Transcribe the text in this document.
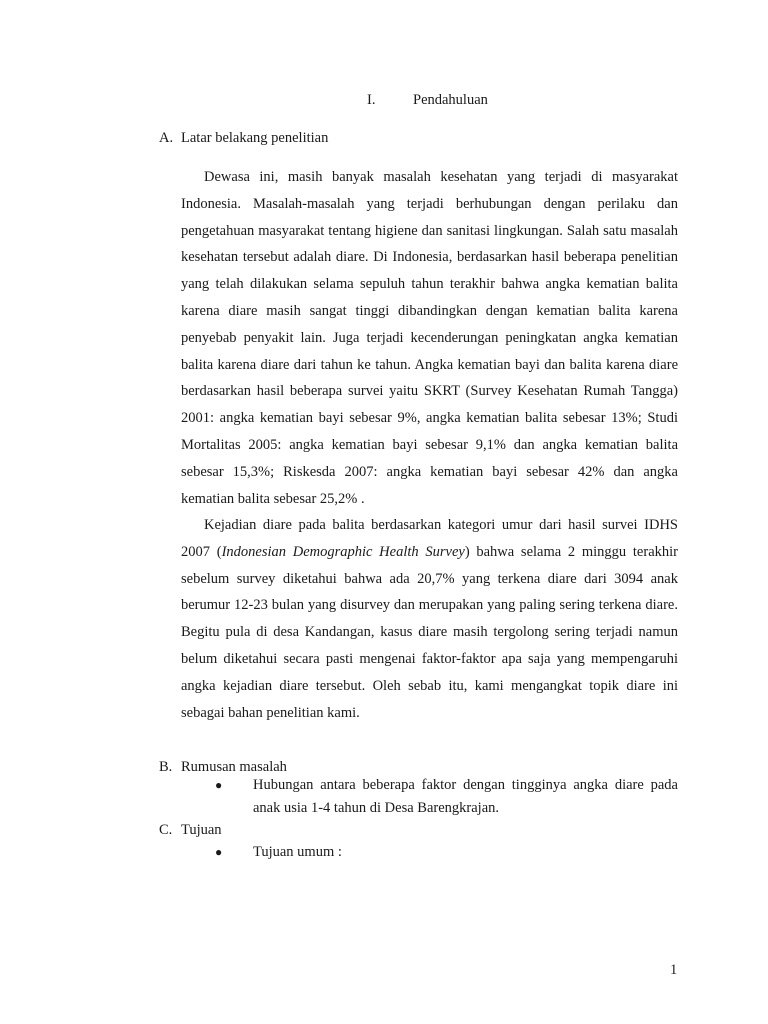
I.	Pendahuluan
A. Latar belakang penelitian

Dewasa ini, masih banyak masalah kesehatan yang terjadi di masyarakat Indonesia. Masalah-masalah yang terjadi berhubungan dengan perilaku dan pengetahuan masyarakat tentang higiene dan sanitasi lingkungan. Salah satu masalah kesehatan tersebut adalah diare. Di Indonesia, berdasarkan hasil beberapa penelitian yang telah dilakukan selama sepuluh tahun terakhir bahwa angka kematian balita karena diare masih sangat tinggi dibandingkan dengan kematian balita karena penyebab penyakit lain. Juga terjadi kecenderungan peningkatan angka kematian balita karena diare dari tahun ke tahun. Angka kematian bayi dan balita karena diare berdasarkan hasil beberapa survei yaitu SKRT (Survey Kesehatan Rumah Tangga) 2001: angka kematian bayi sebesar 9%, angka kematian balita sebesar 13%; Studi Mortalitas 2005: angka kematian bayi sebesar 9,1% dan angka kematian balita sebesar 15,3%; Riskesda 2007: angka kematian bayi sebesar 42% dan angka kematian balita sebesar 25,2% .

Kejadian diare pada balita berdasarkan kategori umur dari hasil survei IDHS 2007 (Indonesian Demographic Health Survey) bahwa selama 2 minggu terakhir sebelum survey diketahui bahwa ada 20,7% yang terkena diare dari 3094 anak berumur 12-23 bulan yang disurvey dan merupakan yang paling sering terkena diare. Begitu pula di desa Kandangan, kasus diare masih tergolong sering terjadi namun belum diketahui secara pasti mengenai faktor-faktor apa saja yang mempengaruhi angka kejadian diare tersebut. Oleh sebab itu, kami mengangkat topik diare ini sebagai bahan penelitian kami.

B. Rumusan masalah
● Hubungan antara beberapa faktor dengan tingginya angka diare pada anak usia 1-4 tahun di Desa Barengkrajan.
C. Tujuan
● Tujuan umum :
1
